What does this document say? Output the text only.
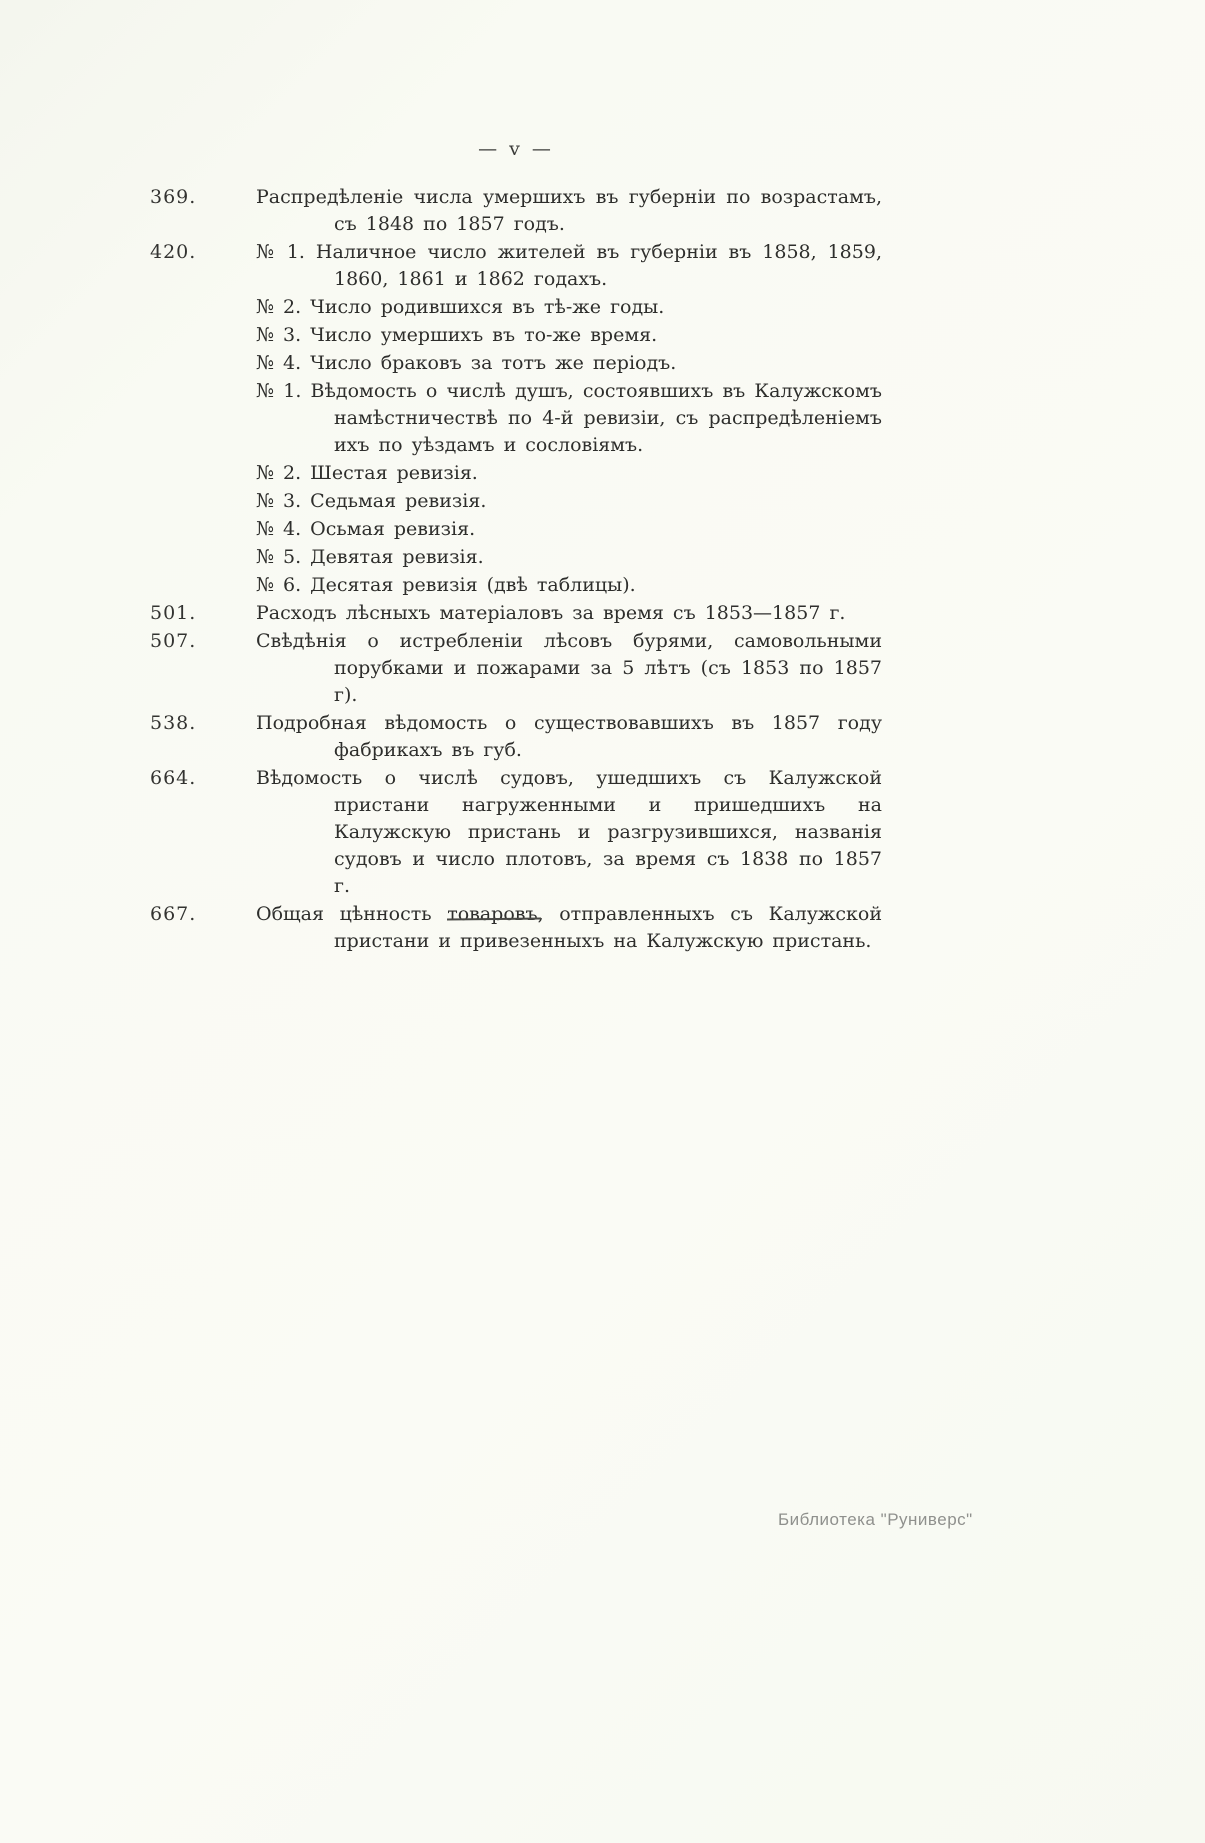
— v —
369.	Распредѣленіе числа умершихъ въ губерніи по возрастамъ, съ 1848 по 1857 годъ.
420.	№ 1. Наличное число жителей въ губерніи въ 1858, 1859, 1860, 1861 и 1862 годахъ.
№ 2. Число родившихся въ тѣ-же годы.
№ 3. Число умершихъ въ то-же время.
№ 4. Число браковъ за тотъ же періодъ.
№ 1. Вѣдомость о числѣ душъ, состоявшихъ въ Калужскомъ намѣстничествѣ по 4-й ревизіи, съ распредѣленіемъ ихъ по уѣздамъ и сословіямъ.
№ 2. Шестая ревизія.
№ 3. Седьмая ревизія.
№ 4. Осьмая ревизія.
№ 5. Девятая ревизія.
№ 6. Десятая ревизія (двѣ таблицы).
501.	Расходъ лѣсныхъ матеріаловъ за время съ 1853—1857 г.
507.	Свѣдѣнія о истребленіи лѣсовъ бурями, самовольными порубками и пожарами за 5 лѣтъ (съ 1853 по 1857 г).
538.	Подробная вѣдомость о существовавшихъ въ 1857 году фабрикахъ въ губ.
664.	Вѣдомость о числѣ судовъ, ушедшихъ съ Калужской пристани нагруженными и пришедшихъ на Калужскую пристань и разгрузившихся, названія судовъ и число плотовъ, за время съ 1838 по 1857 г.
667.	Общая цѣнность товаровъ, отправленныхъ съ Калужской пристани и привезенныхъ на Калужскую пристань.
Библиотека "Руниверс"
